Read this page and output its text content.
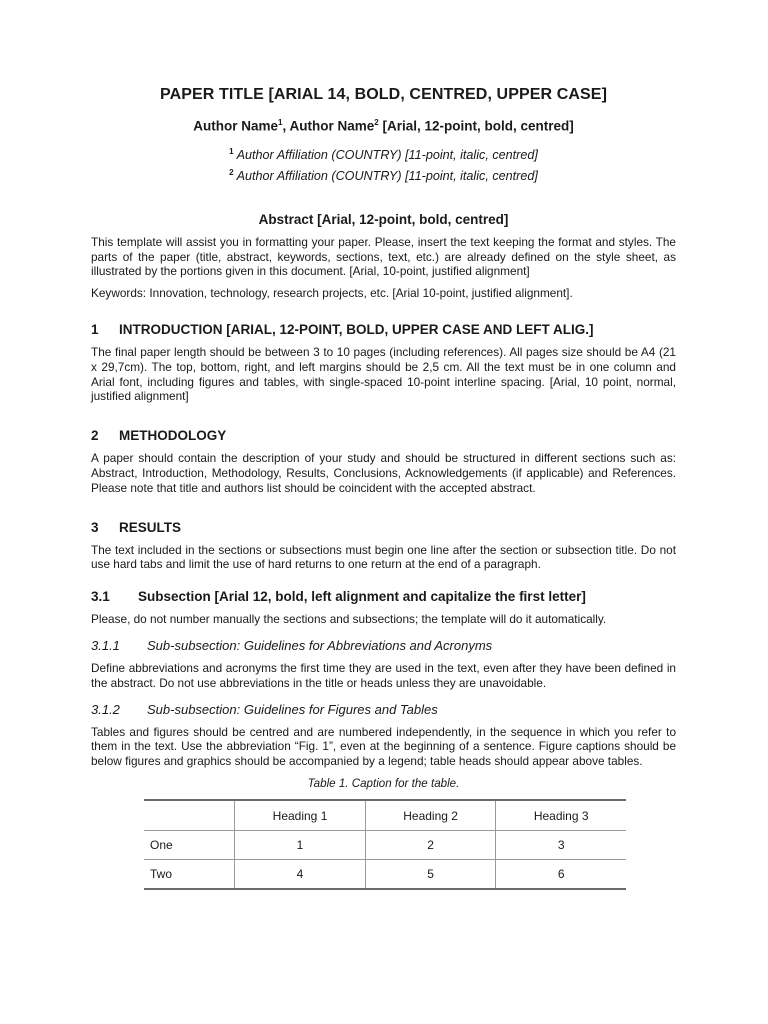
PAPER TITLE [ARIAL 14, BOLD, CENTRED, UPPER CASE]
Author Name$^1$, Author Name$^2$ [Arial, 12-point, bold, centred]
$^1$ Author Affiliation (COUNTRY) [11-point, italic, centred]
$^2$ Author Affiliation (COUNTRY) [11-point, italic, centred]
Abstract [Arial, 12-point, bold, centred]

This template will assist you in formatting your paper. Please, insert the text keeping the format and styles. The parts of the paper (title, abstract, keywords, sections, text, etc.) are already defined on the style sheet, as illustrated by the portions given in this document. [Arial, 10-point, justified alignment]

Keywords: Innovation, technology, research projects, etc. [Arial 10-point, justified alignment].

1	INTRODUCTION [ARIAL, 12-POINT, BOLD, UPPER CASE AND LEFT ALIG.]

The final paper length should be between 3 to 10 pages (including references). All pages size should be A4 (21 x 29,7cm). The top, bottom, right, and left margins should be 2,5 cm. All the text must be in one column and Arial font, including figures and tables, with single-spaced 10-point interline spacing. [Arial, 10 point, normal, justified alignment]

2	METHODOLOGY

A paper should contain the description of your study and should be structured in different sections such as: Abstract, Introduction, Methodology, Results, Conclusions, Acknowledgements (if applicable) and References. Please note that title and authors list should be coincident with the accepted abstract.

3	RESULTS

The text included in the sections or subsections must begin one line after the section or subsection title. Do not use hard tabs and limit the use of hard returns to one return at the end of a paragraph.

3.1	Subsection [Arial 12, bold, left alignment and capitalize the first letter]

Please, do not number manually the sections and subsections; the template will do it automatically.

3.1.1	Sub-subsection: Guidelines for Abbreviations and Acronyms

Define abbreviations and acronyms the first time they are used in the text, even after they have been defined in the abstract. Do not use abbreviations in the title or heads unless they are unavoidable.

3.1.2	Sub-subsection: Guidelines for Figures and Tables

Tables and figures should be centred and are numbered independently, in the sequence in which you refer to them in the text. Use the abbreviation “Fig. 1”, even at the beginning of a sentence. Figure captions should be below figures and graphics should be accompanied by a legend; table heads should appear above tables.

Table 1. Caption for the table.
	Heading 1	Heading 2	Heading 3
One	1	2	3
Two	4	5	6
